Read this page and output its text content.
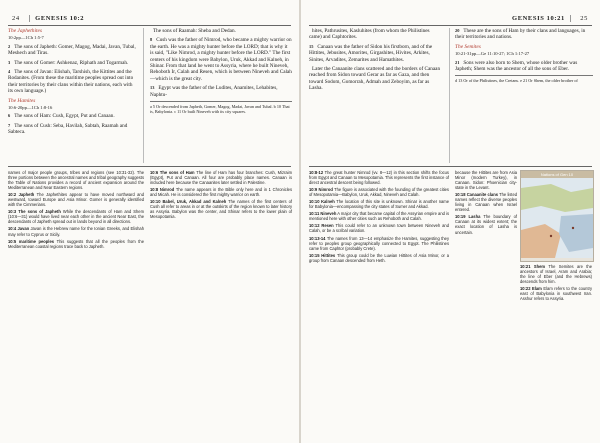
24 GENESIS 10:2
The Japhethites
10:2pp—1Ch 1:5-7
$^2$ The sons of Japheth: Gomer, Magog, Madai, Javan, Tubal, Meshech and Tiras.
$^3$ The sons of Gomer: Ashkenaz, Riphath and Togarmah.
$^4$ The sons of Javan: Elishah, Tarshish, the Kittites and the Rodanites. (From these the maritime peoples spread out into their territories by their clans within their nations, each with its own language.)
The Hamites
10:6-20pp—1Ch 1:8-16
$^6$ The sons of Ham: Cush, Egypt, Put and Canaan.
$^7$ The sons of Cush: Seba, Havilah, Sabtah, Raamah and Sabteca.
The sons of Raamah: Sheba and Dedan.
$^8$ Cush was the father of Nimrod, who became a mighty warrior on the earth. He was a mighty hunter before the LORD; that is why it is said, "Like Nimrod, a mighty hunter before the LORD." The first centers of his kingdom were Babylon, Uruk, Akkad and Kalneh, in Shinar. From that land he went to Assyria, where he built Nineveh, Rehoboth Ir, Calah and Resen, which is between Nineveh and Calah—which is the great city.
$^{13}$ Egypt was the father of the Ludites, Anamites, Lehabites, Naphtu-
a 5 Or descended from Japheth, Gomer, Magog, Madai, Javan and Tubal. b 10 That is, Babylonia. c 11 Or built Nineveh with its city squares.

names of major people groups, tribes and regions (see 10:31-32). The three portions between the ancestral names and tribal geography suggests the Table of Nations provides a record of ancient expansion around the Mediterranean and Near Eastern regions.

10:2 Japheth The Japhethites appear to have moved northward and westward, toward Europe and Asia Minor. Gomer is generally identified with the Cimmerians.

10:3 The sons of Japheth While the descendants of Ham and Shem (10:6—31) would have lived near each other in the ancient Near East, the descendants of Japheth spread out in lands beyond in all directions.

10:4 Javan Javan is the Hebrew name for the Ionian Greeks, and Elishah may refer to Cyprus or Sicily.

10:5 maritime peoples This suggests that all the peoples from the Mediterranean coastal regions trace back to Japheth.

10:6 The sons of Ham The line of Ham has four branches: Cush, Mizraim (Egypt), Put and Canaan. All four are probably place names. Canaan is included here because the Canaanites later settled in Palestine.

10:8 Nimrod The name appears in the Bible only here and in 1 Chronicles and Micah. He is considered the first mighty warrior on earth.

10:10 Babel, Uruk, Akkad and Kalneh The names of the first centers of Cush all refer to areas in or at the outskirts of the region known to later history as Assyria. Babylon was the center, and Shinar refers to the lower plain of Mesopotamia.

GENESIS 10:21 25
hites, Pathrusites, Kasluhites (from whom the Philistines came) and Caphtorites.
$^{15}$ Canaan was the father of Sidon his firstborn, and of the Hittites, Jebusites, Amorites, Girgashites, Hivites, Arkites, Sinites, Arvadites, Zemarites and Hamathites.
Later the Canaanite clans scattered and the borders of Canaan reached from Sidon toward Gerar as far as Gaza, and then toward Sodom, Gomorrah, Admah and Zeboyim, as far as Lasha.
$^{20}$ These are the sons of Ham by their clans and languages, in their territories and nations.
The Semites
10:21-31pp—Ge 11:10-27; 1Ch 1:17-27
$^{21}$ Sons were also born to Shem, whose older brother was Japheth; Shem was the ancestor of all the sons of Eber.
d 13 Or of the Philistines, the Cretans. e 21 Or Shem, the older brother of

10:8-12 The great hunter Nimrod (vv. 8—12) in this section shifts the focus from Egypt and Canaan to Mesopotamia. This represents the first instance of direct ancestral descent being followed.

10:9 Nimrod The figure is associated with the founding of the greatest cities of Mesopotamia—Babylon, Uruk, Akkad, Nineveh and Calah.

10:10 Kalneh The location of this site is unknown. Shinar is another name for Babylonia—encompassing the city states of Sumer and Akkad.

10:11 Nineveh A major city that became capital of the Assyrian empire and is mentioned here with other cities such as Rehoboth and Calah.

10:12 Resen This could refer to an unknown town between Nineveh and Calah, or be a scribal variation.

10:13-14 The names from 13—14 emphasize the Hamites, suggesting they refer to peoples group geographically connected to Egypt. The Philistines came from Caphtor (probably Crete).

10:15 Hittites This group could be the Luwian Hittites of Asia Minor, or a group from Canaan descended from Heth.

because the Hittites are from Asia Minor (modern Turkey), in Canaan. Sidon: Phoenician city-state in the Levant.

10:18 Canaanite clans The listed names reflect the diverse peoples living in Canaan when Israel entered.

10:19 Lasha The boundary of Canaan at its widest extent; the exact location of Lasha is uncertain.

Nations of Gen 10

10:21 Shem The Semites are the ancestors of Israel, Aram and Arabia; the line of Eber (and the Hebrews) descends from him.

10:22 Elam Elam refers to the country east of Babylonia in southwest Iran. Asshur refers to Assyria.
